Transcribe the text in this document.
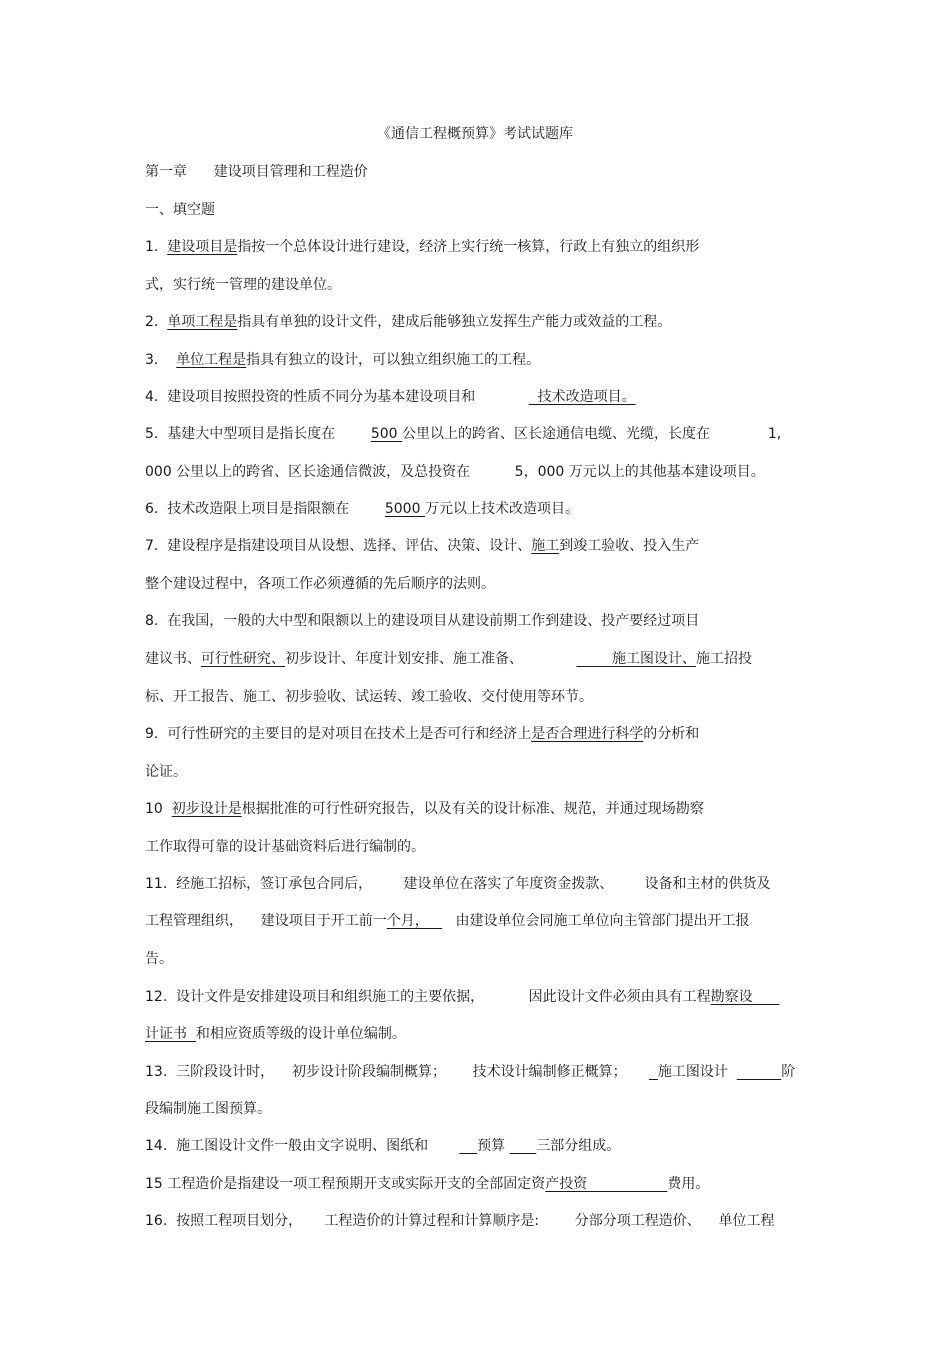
《通信工程概预算》考试试题库
第一章      建设项目管理和工程造价
一、填空题
1.  建设项目是指按一个总体设计进行建设，经济上实行统一核算，行政上有独立的组织形
式，实行统一管理的建设单位。
2.  单项工程是指具有单独的设计文件，建成后能够独立发挥生产能力或效益的工程。
3.    单位工程是指具有独立的设计，可以独立组织施工的工程。
4.  建设项目按照投资的性质不同分为基本建设项目和              技术改造项目。
5.  基建大中型项目是指长度在        500 公里以上的跨省、区长途通信电缆、光缆，长度在             1,
000 公里以上的跨省、区长途通信微波，及总投资在          5，000 万元以上的其他基本建设项目。
6.  技术改造限上项目是指限额在        5000 万元以上技术改造项目。
7.  建设程序是指建设项目从设想、选择、评估、决策、设计、施工到竣工验收、投入生产
整个建设过程中，各项工作必须遵循的先后顺序的法则。
8.  在我国，一般的大中型和限额以上的建设项目从建设前期工作到建设、投产要经过项目
建议书、可行性研究、初步设计、年度计划安排、施工准备、                    施工图设计、施工招投
标、开工报告、施工、初步验收、试运转、竣工验收、交付使用等环节。
9.  可行性研究的主要目的是对项目在技术上是否可行和经济上是否合理进行科学的分析和
论证。
10  初步设计是根据批准的可行性研究报告，以及有关的设计标准、规范，并通过现场勘察
工作取得可靠的设计基础资料后进行编制的。
11.  经施工招标，签订承包合同后，       建设单位在落实了年度资金拨款、       设备和主材的供货及
工程管理组织，    建设项目于开工前一个月，      由建设单位会同施工单位向主管部门提出开工报
告。
12.  设计文件是安排建设项目和组织施工的主要依据，          因此设计文件必须由具有工程勘察设
计证书  和相应资质等级的设计单位编制。
13.  三阶段设计时，    初步设计阶段编制概算；      技术设计编制修正概算；       施工图设计	阶
段编制施工图预算。
14.  施工图设计文件一般由文字说明、图纸和           预算       三部分组成。
15 工程造价是指建设一项工程预期开支或实际开支的全部固定资产投资                  费用。
16.  按照工程项目划分，     工程造价的计算过程和计算顺序是:        分部分项工程造价、    单位工程
